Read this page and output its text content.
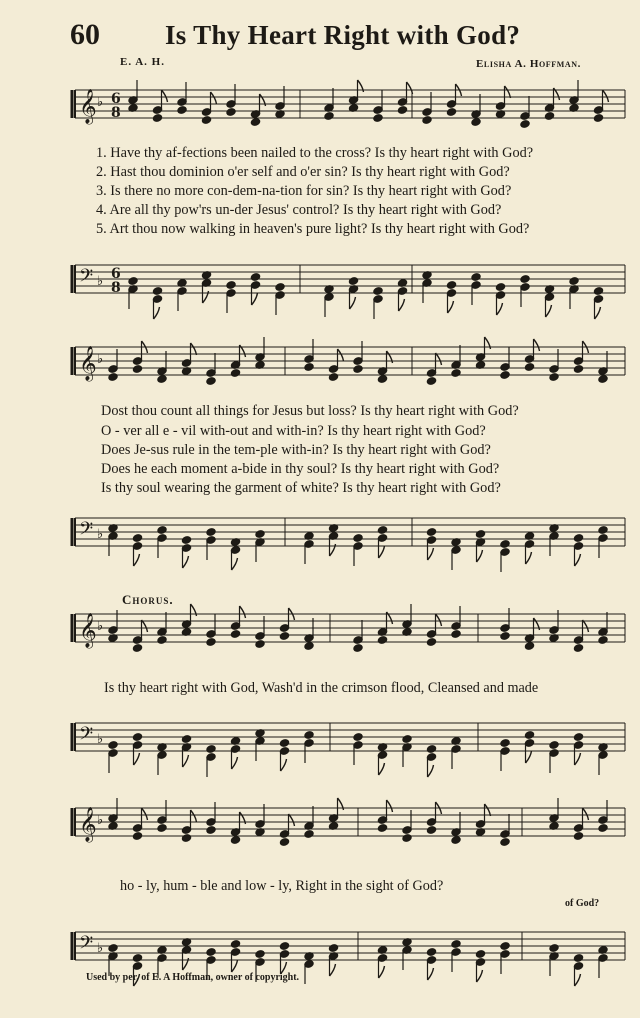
60 Is Thy Heart Right with God?
E. A. H.	Elisha A. Hoffman.
𝄞 ♭ 6
8
𝄢 ♭ 6
8
𝄞 ♭
𝄢 ♭
𝄞 ♭
𝄢 ♭
𝄞 ♭
𝄢 ♭
1. Have thy af-fections been nailed to the cross? Is thy heart right with God?
2. Hast thou dominion o'er self and o'er sin? Is thy heart right with God?
3. Is there no more con-dem-na-tion for sin? Is thy heart right with God?
4. Are all thy pow'rs un-der Jesus' control? Is thy heart right with God?
5. Art thou now walking in heaven's pure light? Is thy heart right with God?
Dost thou count all things for Jesus but loss? Is thy heart right with God?
O - ver all e - vil with-out and with-in? Is thy heart right with God?
Does Je-sus rule in the tem-ple with-in? Is thy heart right with God?
Does he each moment a-bide in thy soul? Is thy heart right with God?
Is thy soul wearing the garment of white? Is thy heart right with God?
Chorus.
Is thy heart right with God, Wash'd in the crimson flood, Cleansed and made
ho - ly, hum - ble and low - ly, Right in the sight of God?
of God?
Used by per. of E. A Hoffman, owner of copyright.
